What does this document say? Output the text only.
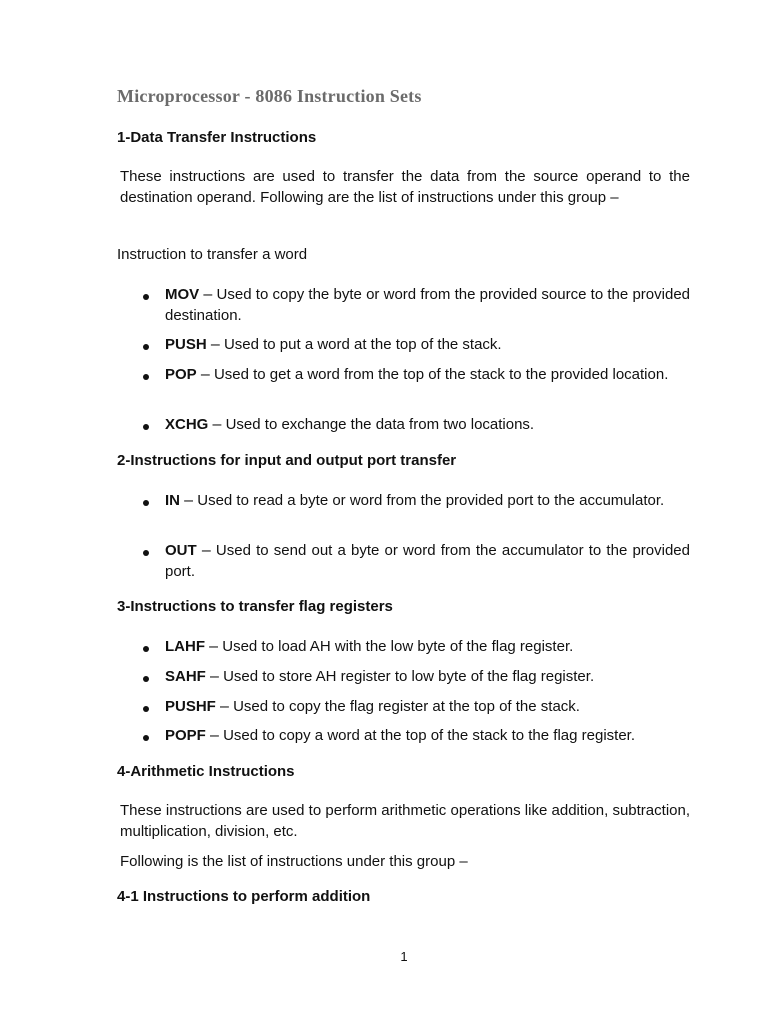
Microprocessor - 8086 Instruction Sets
1-Data Transfer Instructions
These instructions are used to transfer the data from the source operand to the destination operand. Following are the list of instructions under this group –
Instruction to transfer a word
MOV – Used to copy the byte or word from the provided source to the provided destination.
PUSH – Used to put a word at the top of the stack.
POP – Used to get a word from the top of the stack to the provided location.
XCHG – Used to exchange the data from two locations.
2-Instructions for input and output port transfer
IN – Used to read a byte or word from the provided port to the accumulator.
OUT – Used to send out a byte or word from the accumulator to the provided port.
3-Instructions to transfer flag registers
LAHF – Used to load AH with the low byte of the flag register.
SAHF – Used to store AH register to low byte of the flag register.
PUSHF – Used to copy the flag register at the top of the stack.
POPF – Used to copy a word at the top of the stack to the flag register.
4-Arithmetic Instructions
These instructions are used to perform arithmetic operations like addition, subtraction, multiplication, division, etc.
Following is the list of instructions under this group –
4-1 Instructions to perform addition
1
